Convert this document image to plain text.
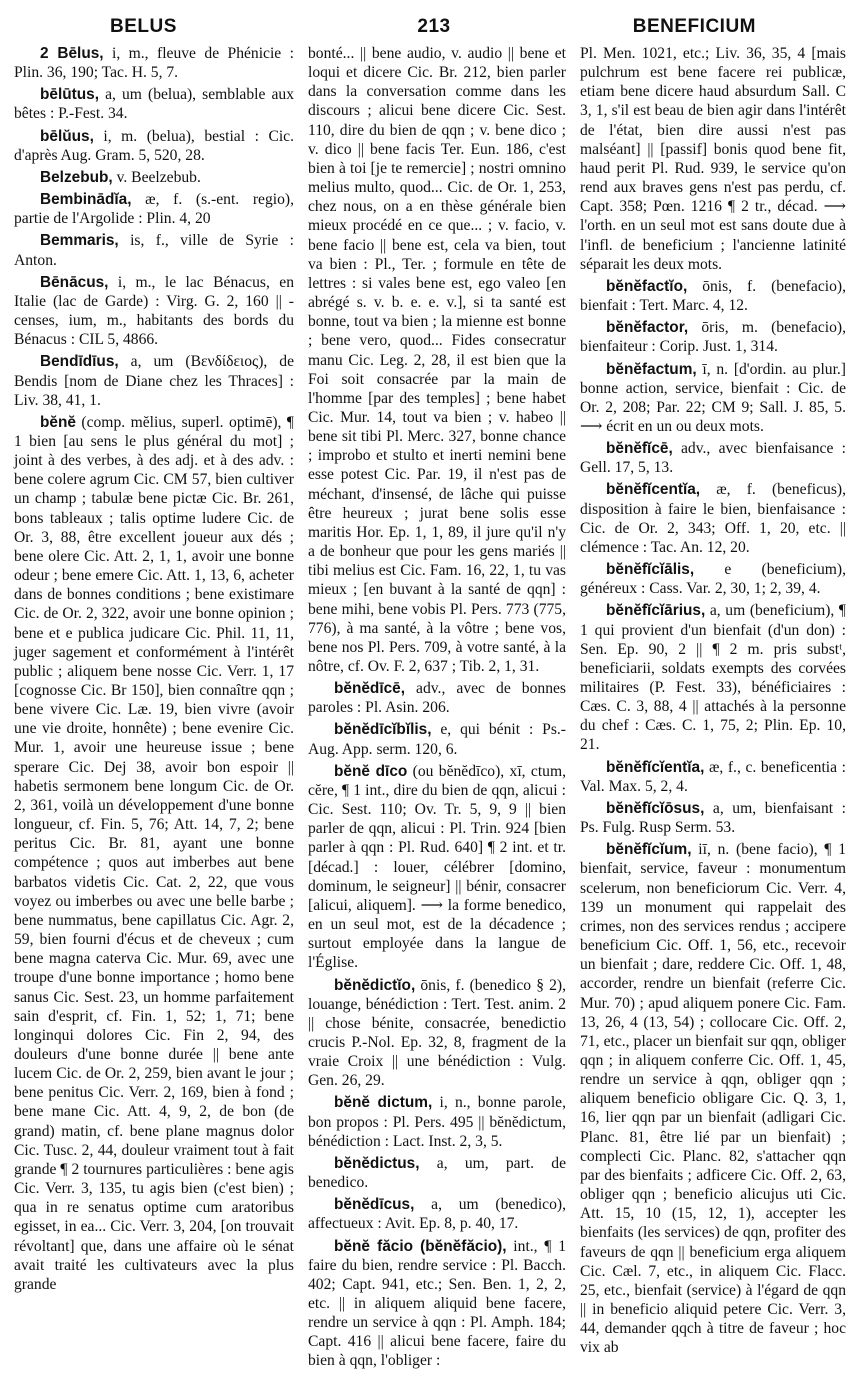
BELUS	213	BENEFICIUM

2 Bēlus, i, m., fleuve de Phénicie : Plin. 36, 190; Tac. H. 5, 7.

bēlūtus, a, um (belua), semblable aux bêtes : P.-Fest. 34.

bēlŭus, i, m. (belua), bestial : Cic. d'après Aug. Gram. 5, 520, 28.

Belzebub, v. Beelzebub.

Bembinādĭa, æ, f. (s.-ent. regio), partie de l'Argolide : Plin. 4, 20

Bemmaris, is, f., ville de Syrie : Anton.

Bēnācus, i, m., le lac Bénacus, en Italie (lac de Garde) : Virg. G. 2, 160 || -censes, ium, m., habitants des bords du Bénacus : CIL 5, 4866.

Bendīdīus, a, um (Βενδίδειος), de Bendis [nom de Diane chez les Thraces] : Liv. 38, 41, 1.

bĕnĕ (comp. mĕlius, superl. optimē), ¶ 1 bien [au sens le plus général du mot] ; joint à des verbes, à des adj. et à des adv. : bene colere agrum Cic. CM 57, bien cultiver un champ ; tabulæ bene pictæ Cic. Br. 261, bons tableaux ; talis optime ludere Cic. de Or. 3, 88, être excellent joueur aux dés ; bene olere Cic. Att. 2, 1, 1, avoir une bonne odeur ; bene emere Cic. Att. 1, 13, 6, acheter dans de bonnes conditions ; bene existimare Cic. de Or. 2, 322, avoir une bonne opinion ; bene et e publica judicare Cic. Phil. 11, 11, juger sagement et conformément à l'intérêt public ; aliquem bene nosse Cic. Verr. 1, 17 [cognosse Cic. Br 150], bien connaître qqn ; bene vivere Cic. Læ. 19, bien vivre (avoir une vie droite, honnête) ; bene evenire Cic. Mur. 1, avoir une heureuse issue ; bene sperare Cic. Dej 38, avoir bon espoir || habetis sermonem bene longum Cic. de Or. 2, 361, voilà un développement d'une bonne longueur, cf. Fin. 5, 76; Att. 14, 7, 2; bene peritus Cic. Br. 81, ayant une bonne compétence ; quos aut imberbes aut bene barbatos videtis Cic. Cat. 2, 22, que vous voyez ou imberbes ou avec une belle barbe ; bene nummatus, bene capillatus Cic. Agr. 2, 59, bien fourni d'écus et de cheveux ; cum bene magna caterva Cic. Mur. 69, avec une troupe d'une bonne importance ; homo bene sanus Cic. Sest. 23, un homme parfaitement sain d'esprit, cf. Fin. 1, 52; 1, 71; bene longinqui dolores Cic. Fin 2, 94, des douleurs d'une bonne durée || bene ante lucem Cic. de Or. 2, 259, bien avant le jour ; bene penitus Cic. Verr. 2, 169, bien à fond ; bene mane Cic. Att. 4, 9, 2, de bon (de grand) matin, cf. bene plane magnus dolor Cic. Tusc. 2, 44, douleur vraiment tout à fait grande ¶ 2 tournures particulières : bene agis Cic. Verr. 3, 135, tu agis bien (c'est bien) ; qua in re senatus optime cum aratoribus egisset, in ea... Cic. Verr. 3, 204, [on trouvait révoltant] que, dans une affaire où le sénat avait traité les cultivateurs avec la plus grande

bonté... || bene audio, v. audio || bene et loqui et dicere Cic. Br. 212, bien parler dans la conversation comme dans les discours ; alicui bene dicere Cic. Sest. 110, dire du bien de qqn ; v. bene dico ; v. dico || bene facis Ter. Eun. 186, c'est bien à toi [je te remercie] ; nostri omnino melius multo, quod... Cic. de Or. 1, 253, chez nous, on a en thèse générale bien mieux procédé en ce que... ; v. facio, v. bene facio || bene est, cela va bien, tout va bien : Pl., Ter. ; formule en tête de lettres : si vales bene est, ego valeo [en abrégé s. v. b. e. e. v.], si ta santé est bonne, tout va bien ; la mienne est bonne ; bene vero, quod... Fides consecratur manu Cic. Leg. 2, 28, il est bien que la Foi soit consacrée par la main de l'homme [par des temples] ; bene habet Cic. Mur. 14, tout va bien ; v. habeo || bene sit tibi Pl. Merc. 327, bonne chance ; improbo et stulto et inerti nemini bene esse potest Cic. Par. 19, il n'est pas de méchant, d'insensé, de lâche qui puisse être heureux ; jurat bene solis esse maritis Hor. Ep. 1, 1, 89, il jure qu'il n'y a de bonheur que pour les gens mariés || tibi melius est Cic. Fam. 16, 22, 1, tu vas mieux ; [en buvant à la santé de qqn] : bene mihi, bene vobis Pl. Pers. 773 (775, 776), à ma santé, à la vôtre ; bene vos, bene nos Pl. Pers. 709, à votre santé, à la nôtre, cf. Ov. F. 2, 637 ; Tib. 2, 1, 31.

bĕnĕdīcē, adv., avec de bonnes paroles : Pl. Asin. 206.

bĕnĕdīcĭbĭlis, e, qui bénit : Ps.-Aug. App. serm. 120, 6.

bĕnĕ dīco (ou bĕnĕdīco), xī, ctum, cĕre, ¶ 1 int., dire du bien de qqn, alicui : Cic. Sest. 110; Ov. Tr. 5, 9, 9 || bien parler de qqn, alicui : Pl. Trin. 924 [bien parler à qqn : Pl. Rud. 640] ¶ 2 int. et tr. [décad.] : louer, célébrer [domino, dominum, le seigneur] || bénir, consacrer [alicui, aliquem]. ⟶ la forme benedico, en un seul mot, est de la décadence ; surtout employée dans la langue de l'Église.

bĕnĕdictĭo, ōnis, f. (benedico § 2), louange, bénédiction : Tert. Test. anim. 2 || chose bénite, consacrée, benedictio crucis P.-Nol. Ep. 32, 8, fragment de la vraie Croix || une bénédiction : Vulg. Gen. 26, 29.

bĕnĕ dictum, i, n., bonne parole, bon propos : Pl. Pers. 495 || bĕnĕdictum, bénédiction : Lact. Inst. 2, 3, 5.

bĕnĕdictus, a, um, part. de benedico.

bĕnĕdīcus, a, um (benedico), affectueux : Avit. Ep. 8, p. 40, 17.

bĕnĕ făcio (bĕnĕfăcio), int., ¶ 1 faire du bien, rendre service : Pl. Bacch. 402; Capt. 941, etc.; Sen. Ben. 1, 2, 2, etc. || in aliquem aliquid bene facere, rendre un service à qqn : Pl. Amph. 184; Capt. 416 || alicui bene facere, faire du bien à qqn, l'obliger :

Pl. Men. 1021, etc.; Liv. 36, 35, 4 [mais pulchrum est bene facere rei publicæ, etiam bene dicere haud absurdum Sall. C 3, 1, s'il est beau de bien agir dans l'intérêt de l'état, bien dire aussi n'est pas malséant] || [passif] bonis quod bene fit, haud perit Pl. Rud. 939, le service qu'on rend aux braves gens n'est pas perdu, cf. Capt. 358; Pœn. 1216 ¶ 2 tr., décad. ⟶ l'orth. en un seul mot est sans doute due à l'infl. de beneficium ; l'ancienne latinité séparait les deux mots.

bĕnĕfactĭo, ōnis, f. (benefacio), bienfait : Tert. Marc. 4, 12.

bĕnĕfactor, ōris, m. (benefacio), bienfaiteur : Corip. Just. 1, 314.

bĕnĕfactum, ī, n. [d'ordin. au plur.] bonne action, service, bienfait : Cic. de Or. 2, 208; Par. 22; CM 9; Sall. J. 85, 5. ⟶ écrit en un ou deux mots.

bĕnĕfĭcē, adv., avec bienfaisance : Gell. 17, 5, 13.

bĕnĕfĭcentĭa, æ, f. (beneficus), disposition à faire le bien, bienfaisance : Cic. de Or. 2, 343; Off. 1, 20, etc. || clémence : Tac. An. 12, 20.

bĕnĕfĭcĭālis, e (beneficium), généreux : Cass. Var. 2, 30, 1; 2, 39, 4.

bĕnĕfĭcĭārius, a, um (beneficium), ¶ 1 qui provient d'un bienfait (d'un don) : Sen. Ep. 90, 2 || ¶ 2 m. pris substᵗ, beneficiarii, soldats exempts des corvées militaires (P. Fest. 33), bénéficiaires : Cæs. C. 3, 88, 4 || attachés à la personne du chef : Cæs. C. 1, 75, 2; Plin. Ep. 10, 21.

bĕnĕfĭcĭentĭa, æ, f., c. beneficentia : Val. Max. 5, 2, 4.

bĕnĕfĭcĭōsus, a, um, bienfaisant : Ps. Fulg. Rusp Serm. 53.

bĕnĕfĭcĭum, iī, n. (bene facio), ¶ 1 bienfait, service, faveur : monumentum scelerum, non beneficiorum Cic. Verr. 4, 139 un monument qui rappelait des crimes, non des services rendus ; accipere beneficium Cic. Off. 1, 56, etc., recevoir un bienfait ; dare, reddere Cic. Off. 1, 48, accorder, rendre un bienfait (referre Cic. Mur. 70) ; apud aliquem ponere Cic. Fam. 13, 26, 4 (13, 54) ; collocare Cic. Off. 2, 71, etc., placer un bienfait sur qqn, obliger qqn ; in aliquem conferre Cic. Off. 1, 45, rendre un service à qqn, obliger qqn ; aliquem beneficio obligare Cic. Q. 3, 1, 16, lier qqn par un bienfait (adligari Cic. Planc. 81, être lié par un bienfait) ; complecti Cic. Planc. 82, s'attacher qqn par des bienfaits ; adficere Cic. Off. 2, 63, obliger qqn ; beneficio alicujus uti Cic. Att. 15, 10 (15, 12, 1), accepter les bienfaits (les services) de qqn, profiter des faveurs de qqn || beneficium erga aliquem Cic. Cæl. 7, etc., in aliquem Cic. Flacc. 25, etc., bienfait (service) à l'égard de qqn || in beneficio aliquid petere Cic. Verr. 3, 44, demander qqch à titre de faveur ; hoc vix ab
